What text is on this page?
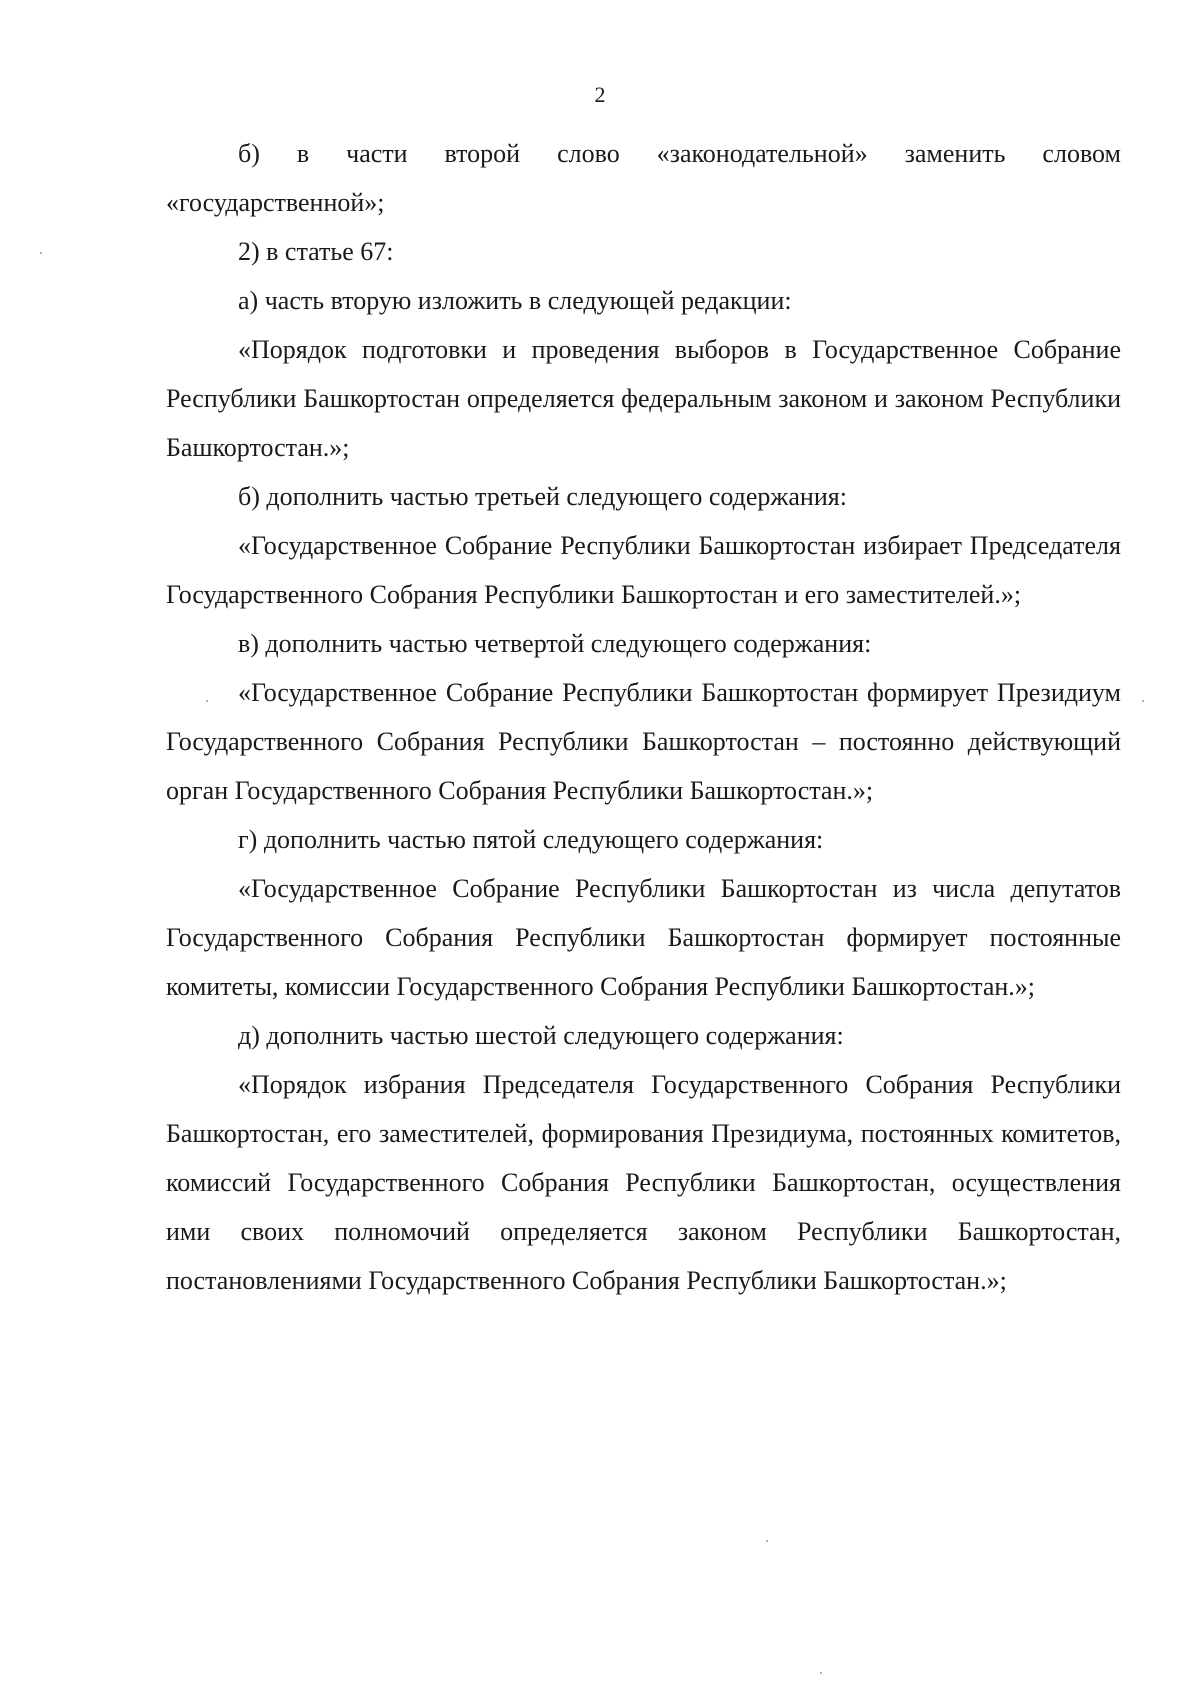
2

б) в части второй слово «законодательной» заменить словом «государственной»;

2) в статье 67:

а) часть вторую изложить в следующей редакции:

«Порядок подготовки и проведения выборов в Государственное Собрание Республики Башкортостан определяется федеральным законом и законом Республики Башкортостан.»;

б) дополнить частью третьей следующего содержания:

«Государственное Собрание Республики Башкортостан избирает Председателя Государственного Собрания Республики Башкортостан и его заместителей.»;

в) дополнить частью четвертой следующего содержания:

«Государственное Собрание Республики Башкортостан формирует Президиум Государственного Собрания Республики Башкортостан – постоянно действующий орган Государственного Собрания Республики Башкортостан.»;

г) дополнить частью пятой следующего содержания:

«Государственное Собрание Республики Башкортостан из числа депутатов Государственного Собрания Республики Башкортостан формирует постоянные комитеты, комиссии Государственного Собрания Республики Башкортостан.»;

д) дополнить частью шестой следующего содержания:

«Порядок избрания Председателя Государственного Собрания Республики Башкортостан, его заместителей, формирования Президиума, постоянных комитетов, комиссий Государственного Собрания Республики Башкортостан, осуществления ими своих полномочий определяется законом Республики Башкортостан, постановлениями Государственного Собрания Республики Башкортостан.»;
